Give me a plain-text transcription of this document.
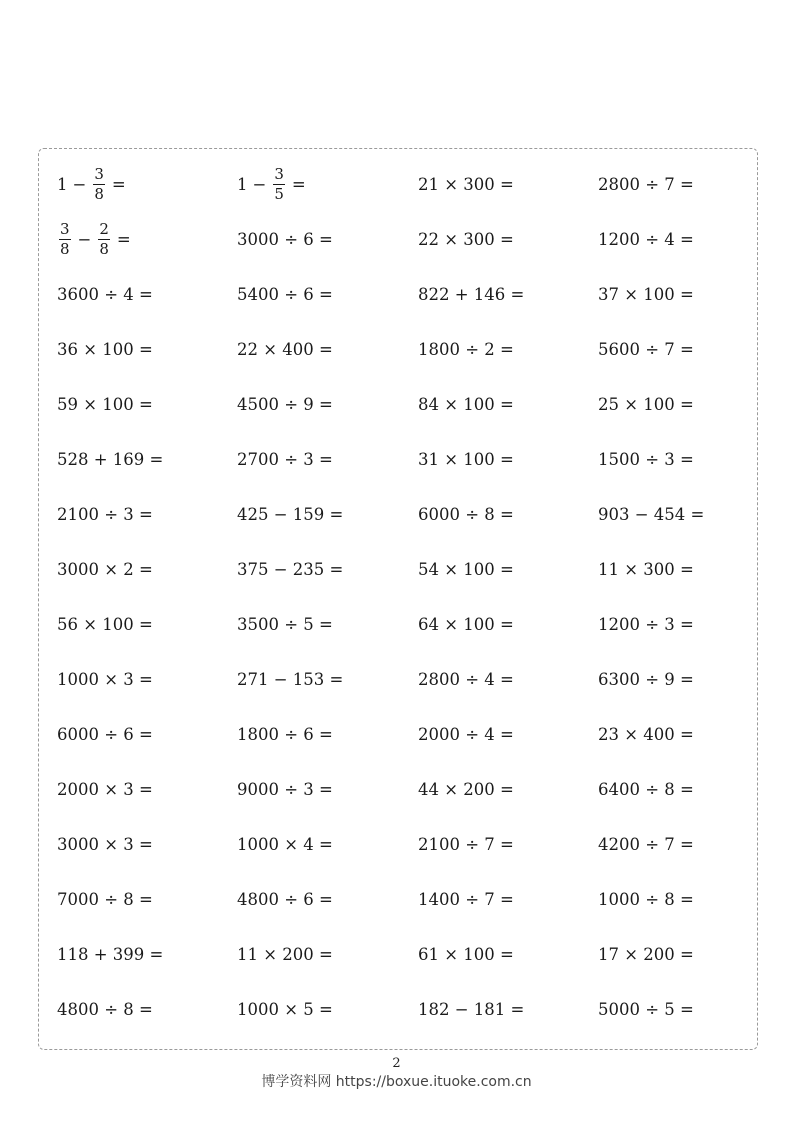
$1 - \frac{3}{8}$ =	$1 - \frac{3}{5}$ =	21 × 300 =	2800 ÷ 7 =
$\frac{3}{8} - \frac{2}{8}$ =	3000 ÷ 6 =	22 × 300 =	1200 ÷ 4 =
3600 ÷ 4 =	5400 ÷ 6 =	822 + 146 =	37 × 100 =
36 × 100 =	22 × 400 =	1800 ÷ 2 =	5600 ÷ 7 =
59 × 100 =	4500 ÷ 9 =	84 × 100 =	25 × 100 =
528 + 169 =	2700 ÷ 3 =	31 × 100 =	1500 ÷ 3 =
2100 ÷ 3 =	425 − 159 =	6000 ÷ 8 =	903 − 454 =
3000 × 2 =	375 − 235 =	54 × 100 =	11 × 300 =
56 × 100 =	3500 ÷ 5 =	64 × 100 =	1200 ÷ 3 =
1000 × 3 =	271 − 153 =	2800 ÷ 4 =	6300 ÷ 9 =
6000 ÷ 6 =	1800 ÷ 6 =	2000 ÷ 4 =	23 × 400 =
2000 × 3 =	9000 ÷ 3 =	44 × 200 =	6400 ÷ 8 =
3000 × 3 =	1000 × 4 =	2100 ÷ 7 =	4200 ÷ 7 =
7000 ÷ 8 =	4800 ÷ 6 =	1400 ÷ 7 =	1000 ÷ 8 =
118 + 399 =	11 × 200 =	61 × 100 =	17 × 200 =
4800 ÷ 8 =	1000 × 5 =	182 − 181 =	5000 ÷ 5 =
2
博学资料网 https://boxue.ituoke.com.cn
